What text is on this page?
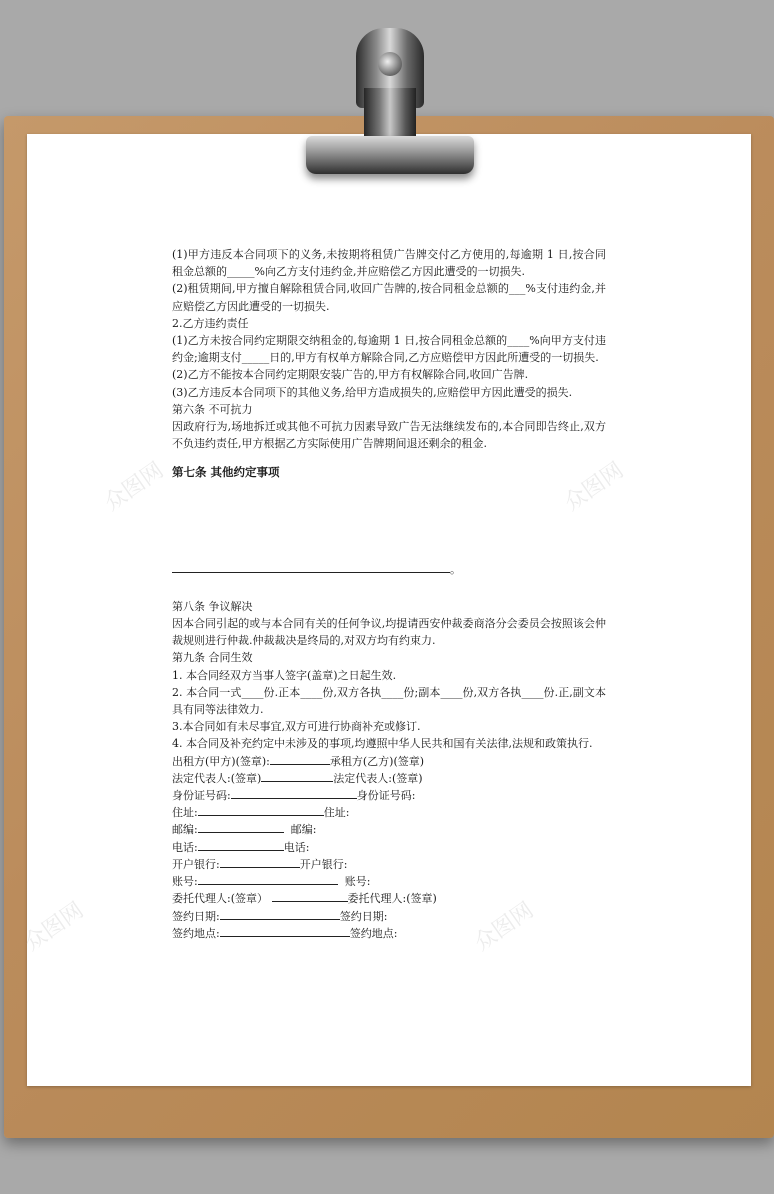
众图网	众图网
众图网	众图网

(1)甲方违反本合同项下的义务,未按期将租赁广告牌交付乙方使用的,每逾期 1 日,按合同租金总额的_____%向乙方支付违约金,并应赔偿乙方因此遭受的一切损失.

(2)租赁期间,甲方擅自解除租赁合同,收回广告牌的,按合同租金总额的___%支付违约金,并应赔偿乙方因此遭受的一切损失.

2.乙方违约责任

(1)乙方未按合同约定期限交纳租金的,每逾期 1 日,按合同租金总额的____%向甲方支付违约金;逾期支付_____日的,甲方有权单方解除合同,乙方应赔偿甲方因此所遭受的一切损失.

(2)乙方不能按本合同约定期限安装广告的,甲方有权解除合同,收回广告牌.

(3)乙方违反本合同项下的其他义务,给甲方造成损失的,应赔偿甲方因此遭受的损失.

第六条 不可抗力

因政府行为,场地拆迁或其他不可抗力因素导致广告无法继续发布的,本合同即告终止,双方不负违约责任,甲方根据乙方实际使用广告牌期间退还剩余的租金.

第七条 其他约定事项

。

第八条 争议解决

因本合同引起的或与本合同有关的任何争议,均提请西安仲裁委商洛分会委员会按照该会仲裁规则进行仲裁.仲裁裁决是终局的,对双方均有约束力.

第九条 合同生效

1. 本合同经双方当事人签字(盖章)之日起生效.

2. 本合同一式____份.正本____份,双方各执____份;副本____份,双方各执____份.正,副文本具有同等法律效力.

3.本合同如有未尽事宜,双方可进行协商补充或修订.

4. 本合同及补充约定中未涉及的事项,均遵照中华人民共和国有关法律,法规和政策执行.

出租方(甲方)(签章):	承租方(乙方)(签章)

法定代表人:(签章)	法定代表人:(签章)

身份证号码:	身份证号码:

住址:	住址:

邮编:	邮编:

电话:	电话:

开户银行:	开户银行:

账号:	账号:

委托代理人:(签章）	委托代理人:(签章)

签约日期:	签约日期:

签约地点:	签约地点:
